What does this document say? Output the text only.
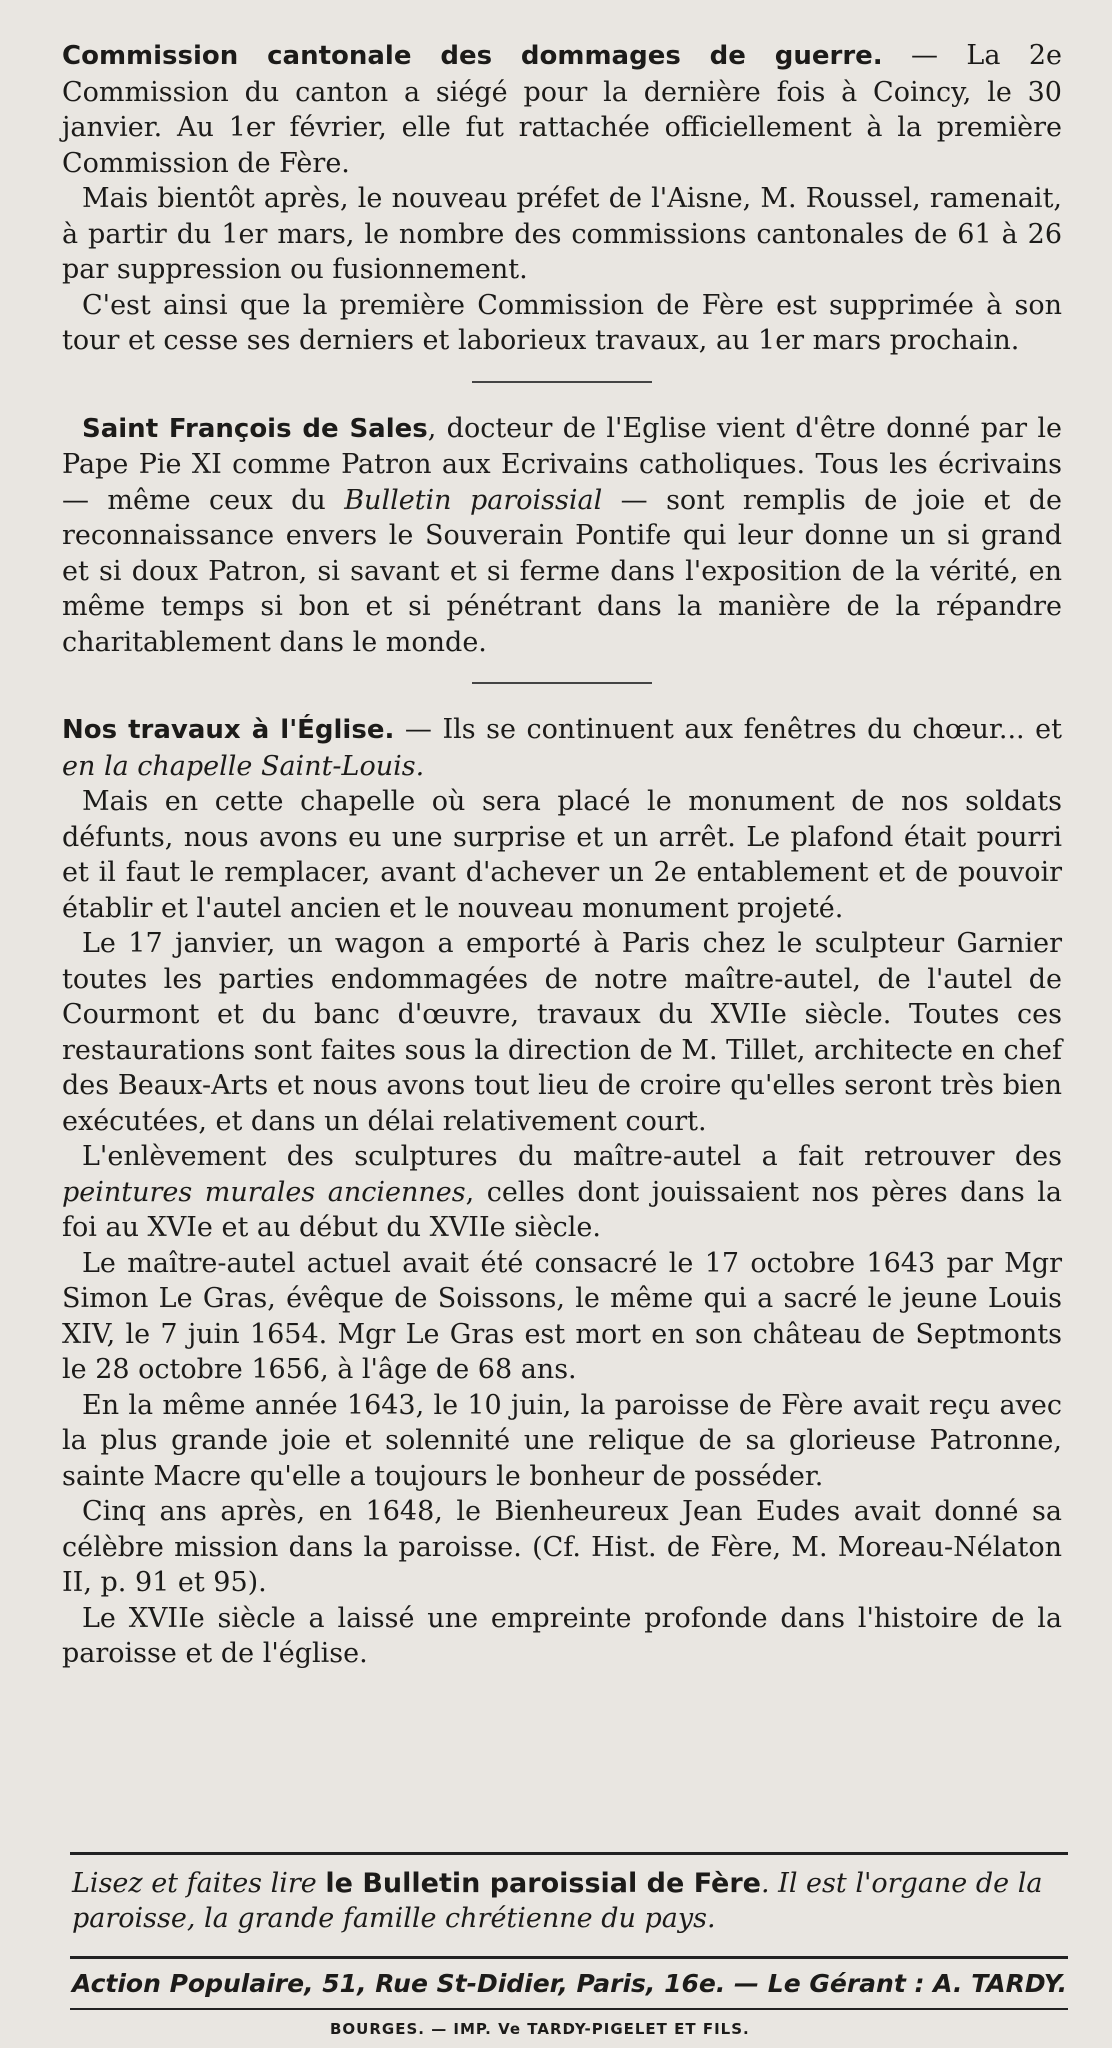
Commission cantonale des dommages de guerre. — La 2e Commission du canton a siégé pour la dernière fois à Coincy, le 30 janvier. Au 1er février, elle fut rattachée officiellement à la première Commission de Fère.

Mais bientôt après, le nouveau préfet de l'Aisne, M. Roussel, ramenait, à partir du 1er mars, le nombre des commissions cantonales de 61 à 26 par suppression ou fusionnement.

C'est ainsi que la première Commission de Fère est supprimée à son tour et cesse ses derniers et laborieux travaux, au 1er mars prochain.

Saint François de Sales, docteur de l'Eglise vient d'être donné par le Pape Pie XI comme Patron aux Ecrivains catholiques. Tous les écrivains — même ceux du Bulletin paroissial — sont remplis de joie et de reconnaissance envers le Souverain Pontife qui leur donne un si grand et si doux Patron, si savant et si ferme dans l'exposition de la vérité, en même temps si bon et si pénétrant dans la manière de la répandre charitablement dans le monde.

Nos travaux à l'Église. — Ils se continuent aux fenêtres du chœur... et en la chapelle Saint-Louis.

Mais en cette chapelle où sera placé le monument de nos soldats défunts, nous avons eu une surprise et un arrêt. Le plafond était pourri et il faut le remplacer, avant d'achever un 2e entablement et de pouvoir établir et l'autel ancien et le nouveau monument projeté.

Le 17 janvier, un wagon a emporté à Paris chez le sculpteur Garnier toutes les parties endommagées de notre maître-autel, de l'autel de Courmont et du banc d'œuvre, travaux du XVIIe siècle. Toutes ces restaurations sont faites sous la direction de M. Tillet, architecte en chef des Beaux-Arts et nous avons tout lieu de croire qu'elles seront très bien exécutées, et dans un délai relativement court.

L'enlèvement des sculptures du maître-autel a fait retrouver des peintures murales anciennes, celles dont jouissaient nos pères dans la foi au XVIe et au début du XVIIe siècle.

Le maître-autel actuel avait été consacré le 17 octobre 1643 par Mgr Simon Le Gras, évêque de Soissons, le même qui a sacré le jeune Louis XIV, le 7 juin 1654. Mgr Le Gras est mort en son château de Septmonts le 28 octobre 1656, à l'âge de 68 ans.

En la même année 1643, le 10 juin, la paroisse de Fère avait reçu avec la plus grande joie et solennité une relique de sa glorieuse Patronne, sainte Macre qu'elle a toujours le bonheur de posséder.

Cinq ans après, en 1648, le Bienheureux Jean Eudes avait donné sa célèbre mission dans la paroisse. (Cf. Hist. de Fère, M. Moreau-Nélaton II, p. 91 et 95).

Le XVIIe siècle a laissé une empreinte profonde dans l'histoire de la paroisse et de l'église.

Lisez et faites lire le Bulletin paroissial de Fère. Il est l'organe de la paroisse, la grande famille chrétienne du pays.
Action Populaire, 51, Rue St-Didier, Paris, 16e. — Le Gérant : A. TARDY.
BOURGES. — IMP. Ve TARDY-PIGELET ET FILS.
